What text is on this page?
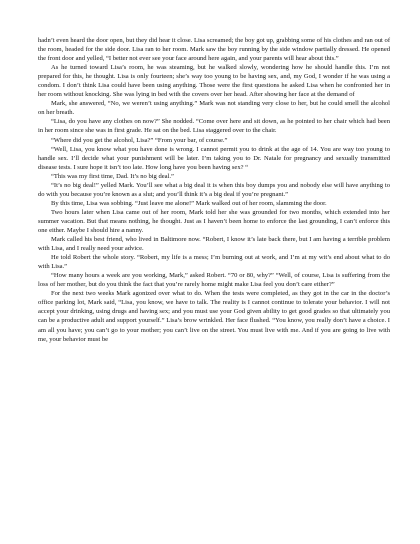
hadn’t even heard the door open, but they did hear it close. Lisa screamed; the boy got up, grabbing some of his clothes and ran out of the room, headed for the side door. Lisa ran to her room. Mark saw the boy running by the side window partially dressed. He opened the front door and yelled, “I better not ever see your face around here again, and your parents will hear about this.”

As he turned toward Lisa’s room, he was steaming, but he walked slowly, wondering how he should handle this. I’m not prepared for this, he thought. Lisa is only fourteen; she’s way too young to be having sex, and, my God, I wonder if he was using a condom. I don’t think Lisa could have been using anything. Those were the first questions he asked Lisa when he confronted her in her room without knocking. She was lying in bed with the covers over her head. After showing her face at the demand of

Mark, she answered, “No, we weren’t using anything.” Mark was not standing very close to her, but he could smell the alcohol on her breath.

“Lisa, do you have any clothes on now?” She nodded. “Come over here and sit down, as he pointed to her chair which had been in her room since she was in first grade. He sat on the bed. Lisa staggered over to the chair.

“Where did you get the alcohol, Lisa?” “From your bar, of course.”

“Well, Lisa, you know what you have done is wrong. I cannot permit you to drink at the age of 14. You are way too young to handle sex. I’ll decide what your punishment will be later. I’m taking you to Dr. Natale for pregnancy and sexually transmitted disease tests. I sure hope it isn’t too late. How long have you been having sex? “

“This was my first time, Dad. It’s no big deal.”

“It’s no big deal!” yelled Mark. You’ll see what a big deal it is when this boy dumps you and nobody else will have anything to do with you because you’re known as a slut; and you’ll think it’s a big deal if you’re pregnant.”

By this time, Lisa was sobbing. “Just leave me alone!” Mark walked out of her room, slamming the door.

Two hours later when Lisa came out of her room, Mark told her she was grounded for two months, which extended into her summer vacation. But that means nothing, he thought. Just as I haven’t been home to enforce the last grounding, I can’t enforce this one either. Maybe I should hire a nanny.

Mark called his best friend, who lived in Baltimore now. “Robert, I know it’s late back there, but I am having a terrible problem with Lisa, and I really need your advice.

He told Robert the whole story. “Robert, my life is a mess; I’m burning out at work, and I’m at my wit’s end about what to do with Lisa.”

“How many hours a week are you working, Mark,” asked Robert. “70 or 80, why?” “Well, of course, Lisa is suffering from the loss of her mother, but do you think the fact that you’re rarely home might make Lisa feel you don’t care either?”

For the next two weeks Mark agonized over what to do. When the tests were completed, as they got in the car in the doctor’s office parking lot, Mark said, “Lisa, you know, we have to talk. The reality is I cannot continue to tolerate your behavior. I will not accept your drinking, using drugs and having sex; and you must use your God given ability to get good grades so that ultimately you can be a productive adult and support yourself.” Lisa’s brow wrinkled. Her face flushed. “You know, you really don’t have a choice. I am all you have; you can’t go to your mother; you can’t live on the street. You must live with me. And if you are going to live with me, your behavior must be
